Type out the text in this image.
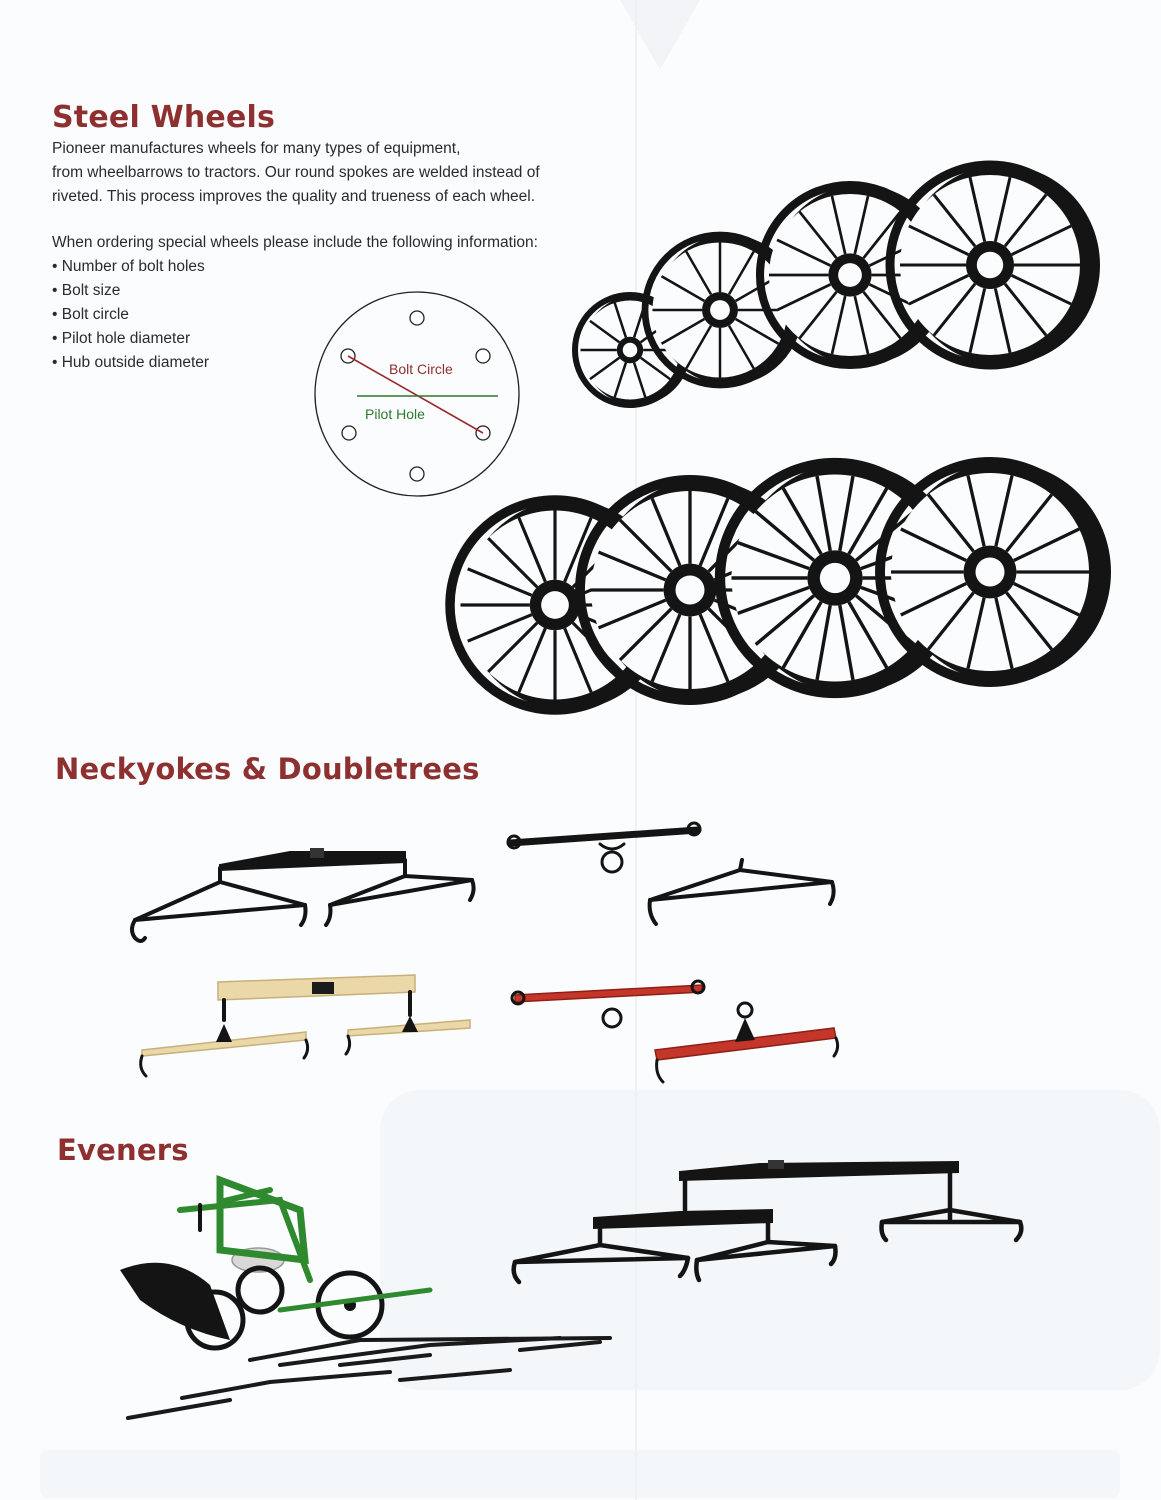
Steel Wheels

Pioneer manufactures wheels for many types of equipment,

from wheelbarrows to tractors. Our round spokes are welded instead of

riveted. This process improves the quality and trueness of each wheel.

When ordering special wheels please include the following information:

• Number of bolt holes
• Bolt size
• Bolt circle
• Pilot hole diameter
• Hub outside diameter	Bolt Circle
Pilot Hole
Neckyokes & Doubletrees
Eveners
